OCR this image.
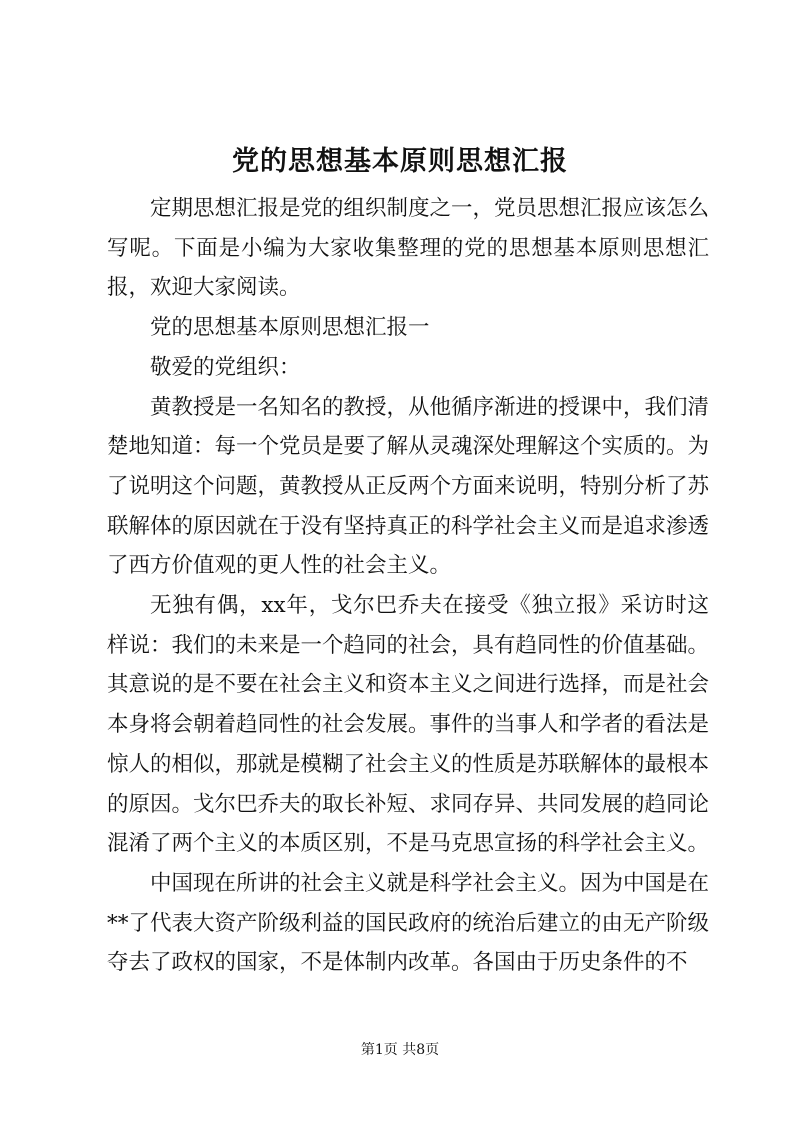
党的思想基本原则思想汇报

定期思想汇报是党的组织制度之一，党员思想汇报应该怎么写呢。下面是小编为大家收集整理的党的思想基本原则思想汇报，欢迎大家阅读。

党的思想基本原则思想汇报一

敬爱的党组织：

黄教授是一名知名的教授，从他循序渐进的授课中，我们清楚地知道：每一个党员是要了解从灵魂深处理解这个实质的。为了说明这个问题，黄教授从正反两个方面来说明，特别分析了苏联解体的原因就在于没有坚持真正的科学社会主义而是追求渗透了西方价值观的更人性的社会主义。

无独有偶，xx年，戈尔巴乔夫在接受《独立报》采访时这样说：我们的未来是一个趋同的社会，具有趋同性的价值基础。其意说的是不要在社会主义和资本主义之间进行选择，而是社会本身将会朝着趋同性的社会发展。事件的当事人和学者的看法是惊人的相似，那就是模糊了社会主义的性质是苏联解体的最根本的原因。戈尔巴乔夫的取长补短、求同存异、共同发展的趋同论混淆了两个主义的本质区别，不是马克思宣扬的科学社会主义。

中国现在所讲的社会主义就是科学社会主义。因为中国是在**了代表大资产阶级利益的国民政府的统治后建立的由无产阶级夺去了政权的国家，不是体制内改革。各国由于历史条件的不

第1页 共8页
